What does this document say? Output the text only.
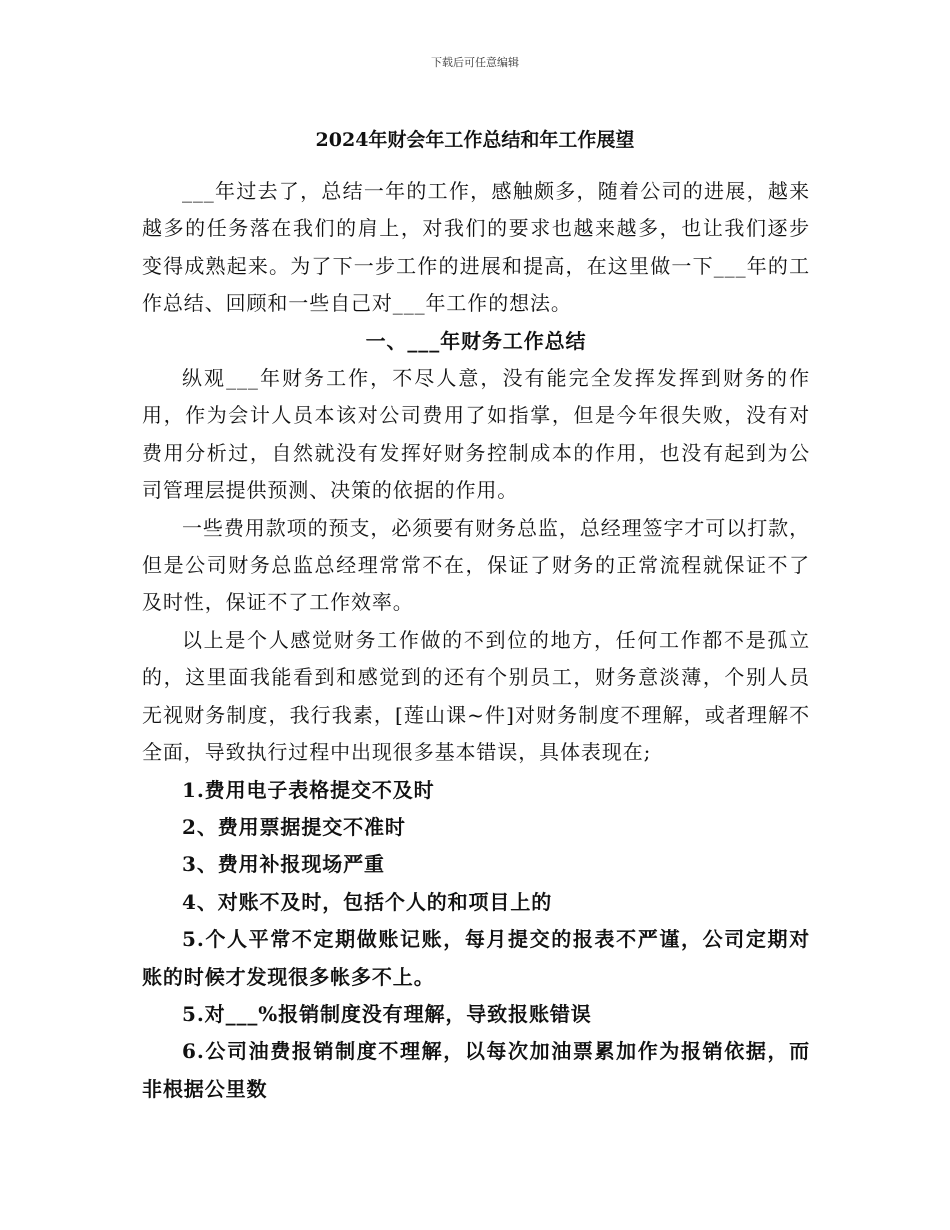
下载后可任意编辑
2024年财会年工作总结和年工作展望

___年过去了，总结一年的工作，感触颇多，随着公司的进展，越来越多的任务落在我们的肩上，对我们的要求也越来越多，也让我们逐步变得成熟起来。为了下一步工作的进展和提高，在这里做一下___年的工作总结、回顾和一些自己对___年工作的想法。

一、___年财务工作总结

纵观___年财务工作，不尽人意，没有能完全发挥发挥到财务的作用，作为会计人员本该对公司费用了如指掌，但是今年很失败，没有对费用分析过，自然就没有发挥好财务控制成本的作用，也没有起到为公司管理层提供预测、决策的依据的作用。

一些费用款项的预支，必须要有财务总监，总经理签字才可以打款，但是公司财务总监总经理常常不在，保证了财务的正常流程就保证不了及时性，保证不了工作效率。

以上是个人感觉财务工作做的不到位的地方，任何工作都不是孤立的，这里面我能看到和感觉到的还有个别员工，财务意淡薄，个别人员无视财务制度，我行我素，[莲山课~件]对财务制度不理解，或者理解不全面，导致执行过程中出现很多基本错误，具体表现在;

1.费用电子表格提交不及时

2、费用票据提交不准时

3、费用补报现场严重

4、对账不及时，包括个人的和项目上的

5.个人平常不定期做账记账，每月提交的报表不严谨，公司定期对账的时候才发现很多帐多不上。

5.对___%报销制度没有理解，导致报账错误

6.公司油费报销制度不理解，以每次加油票累加作为报销依据，而非根据公里数
